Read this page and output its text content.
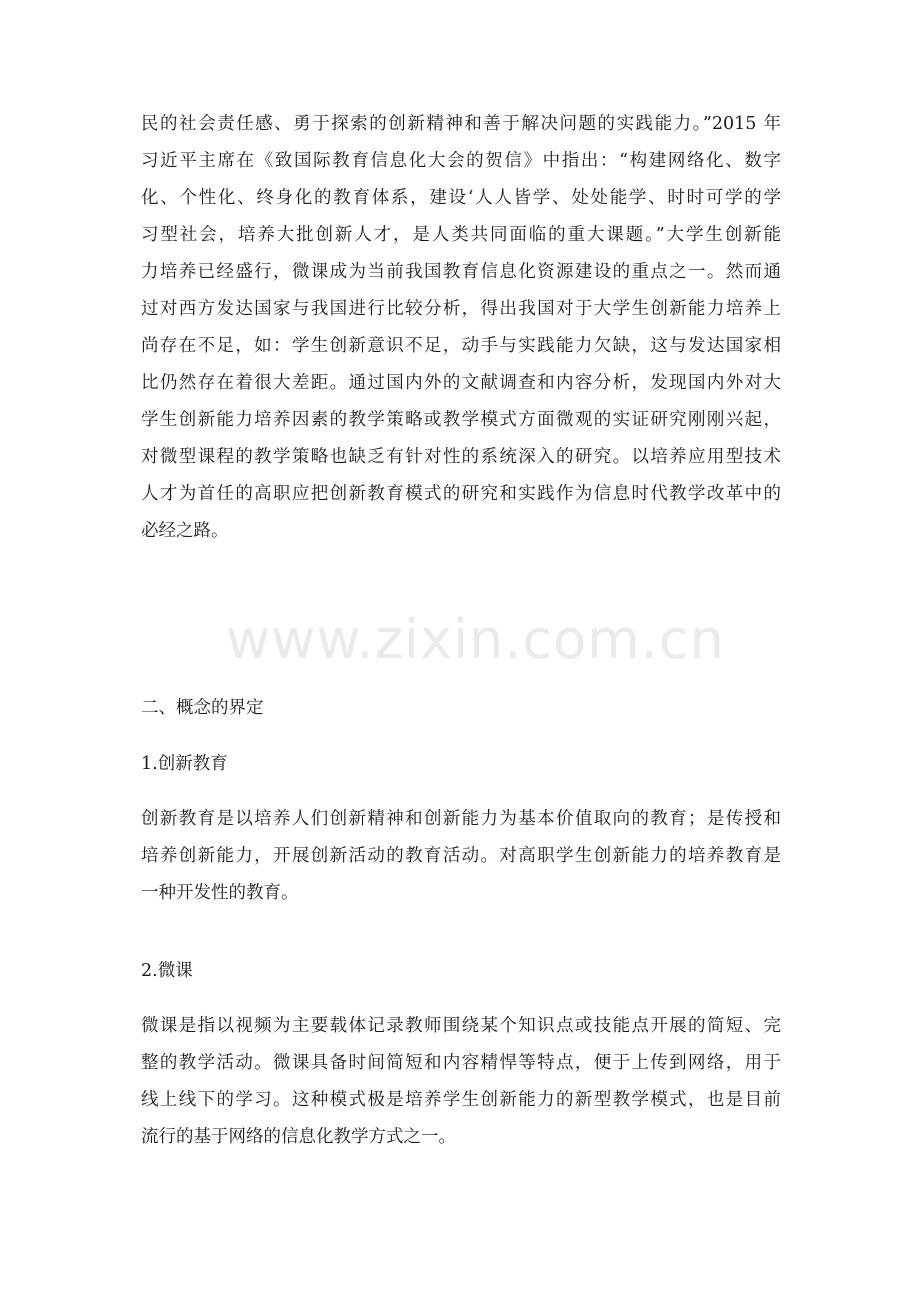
www.zixin.com.cn
民的社会责任感、勇于探索的创新精神和善于解决问题的实践能力。”2015 年
习近平主席在《致国际教育信息化大会的贺信》中指出：“构建网络化、数字
化、个性化、终身化的教育体系，建设‘人人皆学、处处能学、时时可学的学
习型社会，培养大批创新人才，是人类共同面临的重大课题。”大学生创新能
力培养已经盛行，微课成为当前我国教育信息化资源建设的重点之一。然而通
过对西方发达国家与我国进行比较分析，得出我国对于大学生创新能力培养上
尚存在不足，如：学生创新意识不足，动手与实践能力欠缺，这与发达国家相
比仍然存在着很大差距。通过国内外的文献调查和内容分析，发现国内外对大
学生创新能力培养因素的教学策略或教学模式方面微观的实证研究刚刚兴起，
对微型课程的教学策略也缺乏有针对性的系统深入的研究。以培养应用型技术
人才为首任的高职应把创新教育模式的研究和实践作为信息时代教学改革中的
必经之路。
二、概念的界定
1.创新教育
创新教育是以培养人们创新精神和创新能力为基本价值取向的教育；是传授和
培养创新能力，开展创新活动的教育活动。对高职学生创新能力的培养教育是
一种开发性的教育。
2.微课
微课是指以视频为主要载体记录教师围绕某个知识点或技能点开展的简短、完
整的教学活动。微课具备时间简短和内容精悍等特点，便于上传到网络，用于
线上线下的学习。这种模式极是培养学生创新能力的新型教学模式，也是目前
流行的基于网络的信息化教学方式之一。
